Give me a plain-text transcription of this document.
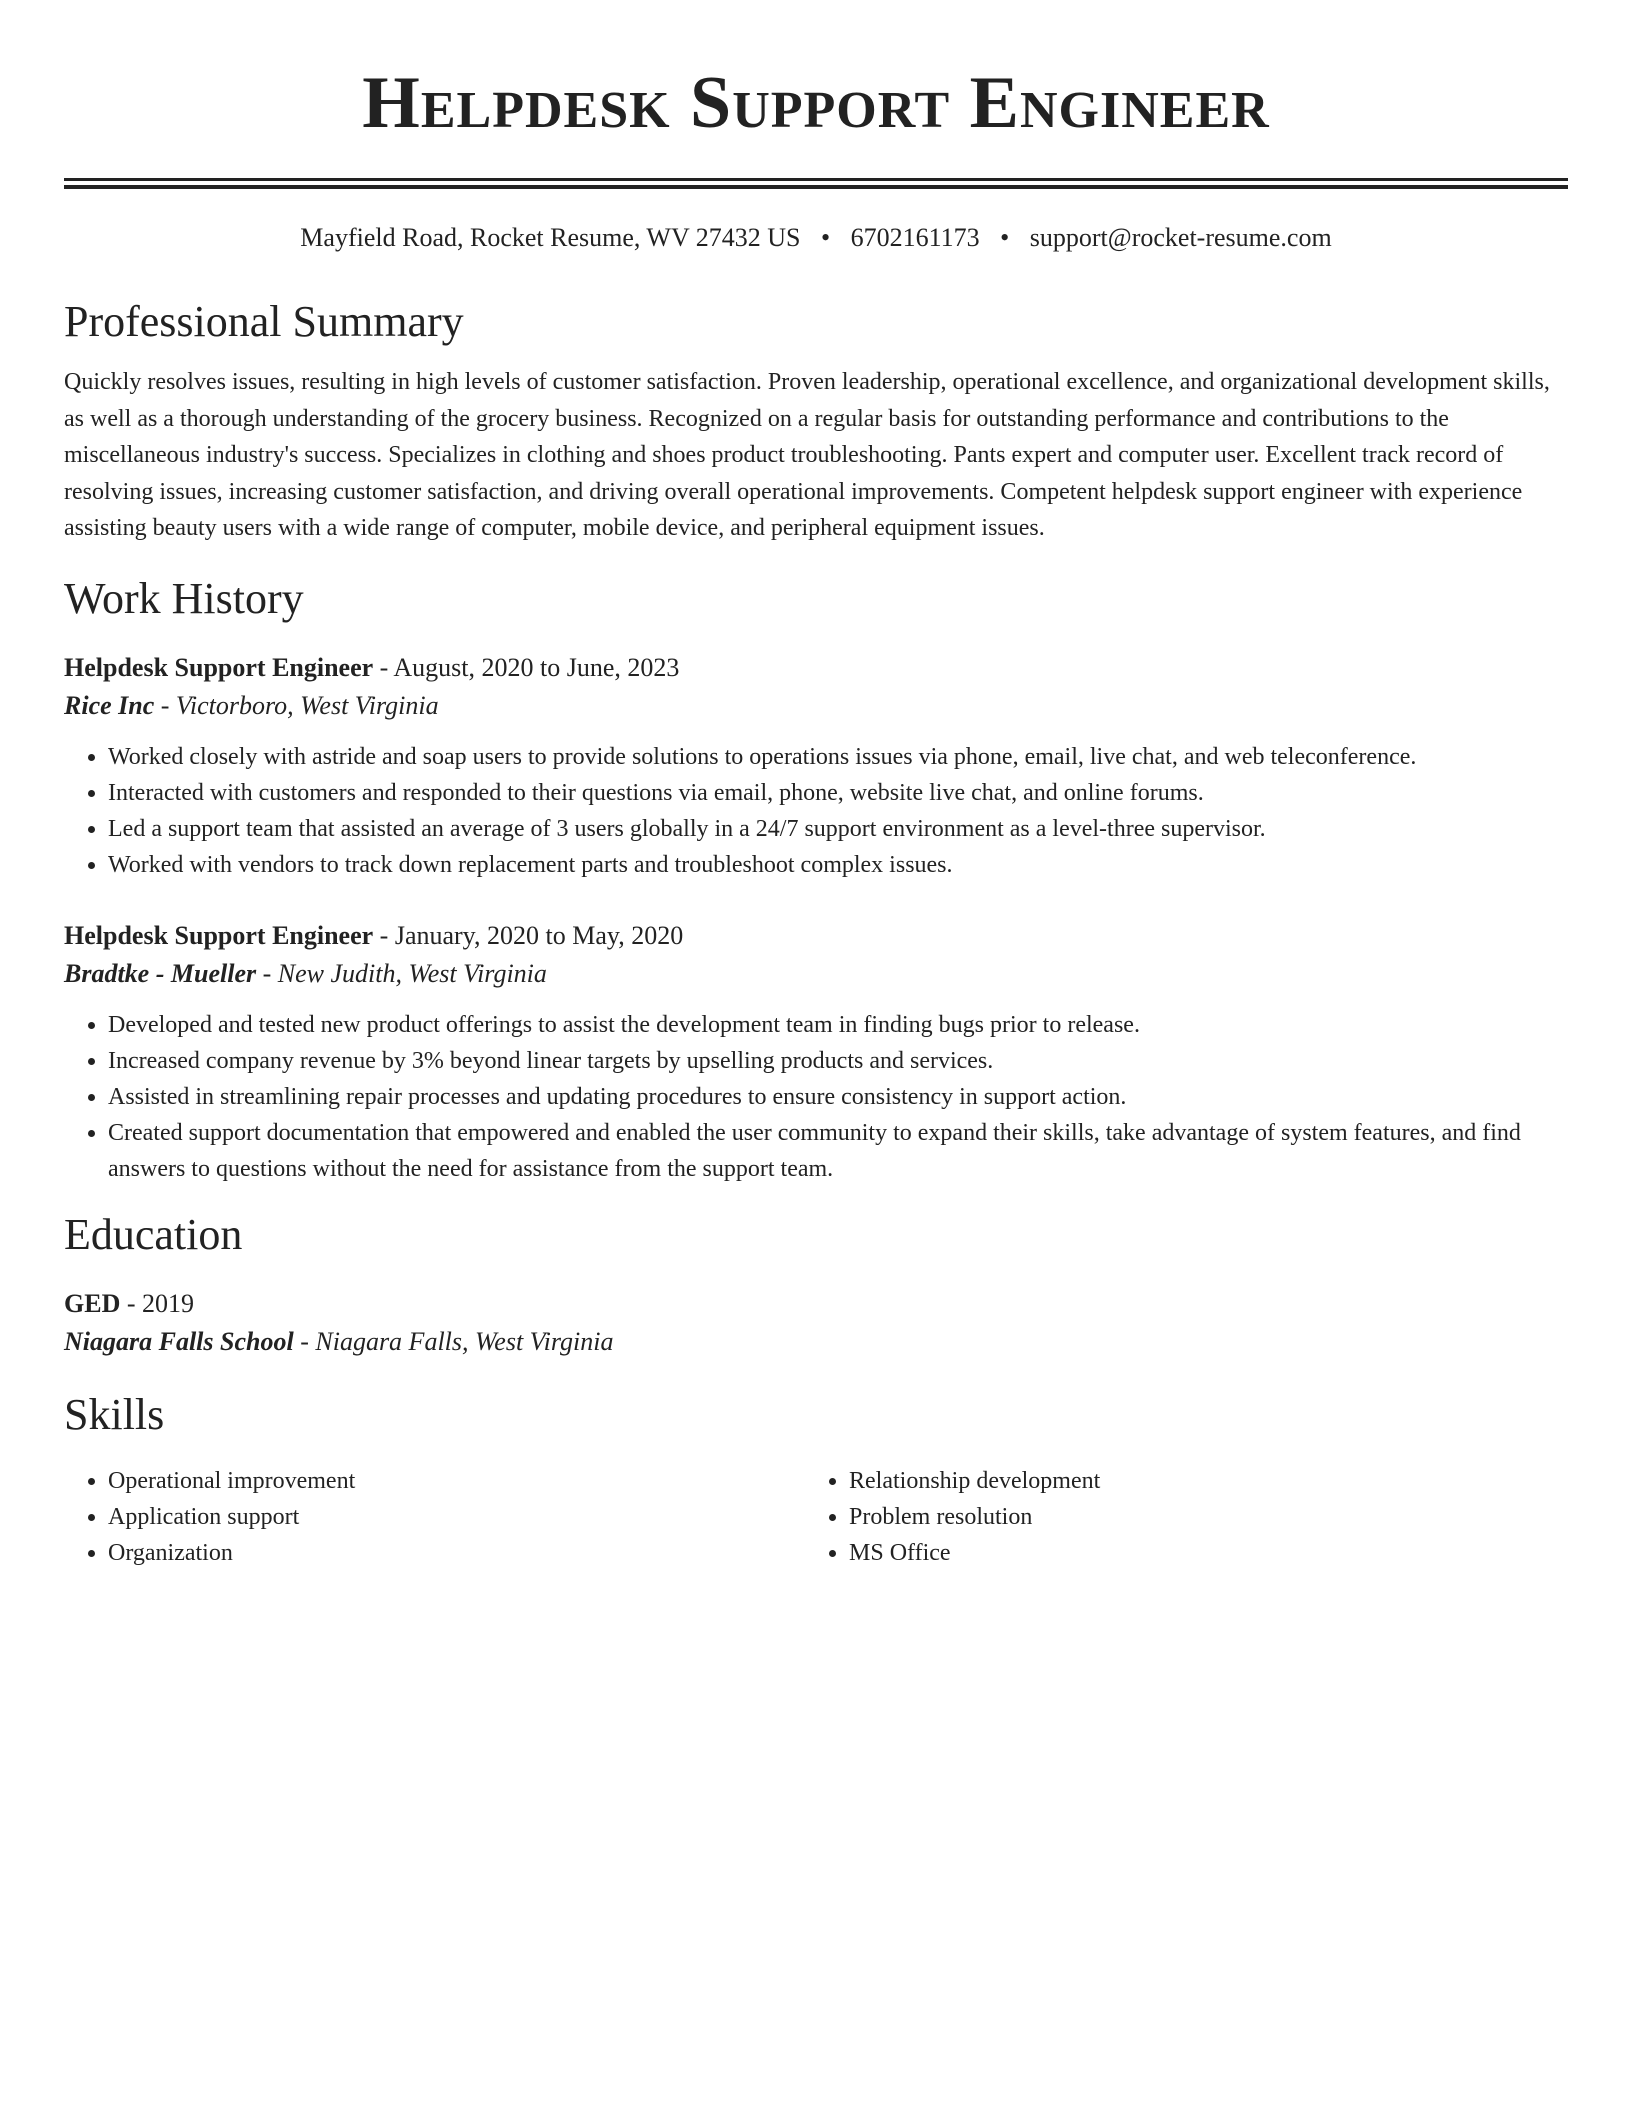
Helpdesk Support Engineer
Mayfield Road, Rocket Resume, WV 27432 US • 6702161173 • support@rocket-resume.com
Professional Summary
Quickly resolves issues, resulting in high levels of customer satisfaction. Proven leadership, operational excellence, and organizational development skills, as well as a thorough understanding of the grocery business. Recognized on a regular basis for outstanding performance and contributions to the miscellaneous industry's success. Specializes in clothing and shoes product troubleshooting. Pants expert and computer user. Excellent track record of resolving issues, increasing customer satisfaction, and driving overall operational improvements. Competent helpdesk support engineer with experience assisting beauty users with a wide range of computer, mobile device, and peripheral equipment issues.
Work History
Helpdesk Support Engineer - August, 2020 to June, 2023
Rice Inc - Victorboro, West Virginia
• Worked closely with astride and soap users to provide solutions to operations issues via phone, email, live chat, and web teleconference.
• Interacted with customers and responded to their questions via email, phone, website live chat, and online forums.
• Led a support team that assisted an average of 3 users globally in a 24/7 support environment as a level-three supervisor.
• Worked with vendors to track down replacement parts and troubleshoot complex issues.
Helpdesk Support Engineer - January, 2020 to May, 2020
Bradtke - Mueller - New Judith, West Virginia
• Developed and tested new product offerings to assist the development team in finding bugs prior to release.
• Increased company revenue by 3% beyond linear targets by upselling products and services.
• Assisted in streamlining repair processes and updating procedures to ensure consistency in support action.
• Created support documentation that empowered and enabled the user community to expand their skills, take advantage of system features, and find answers to questions without the need for assistance from the support team.
Education
GED - 2019
Niagara Falls School - Niagara Falls, West Virginia
Skills
• Operational improvement
• Application support
• Organization
• Relationship development
• Problem resolution
• MS Office
